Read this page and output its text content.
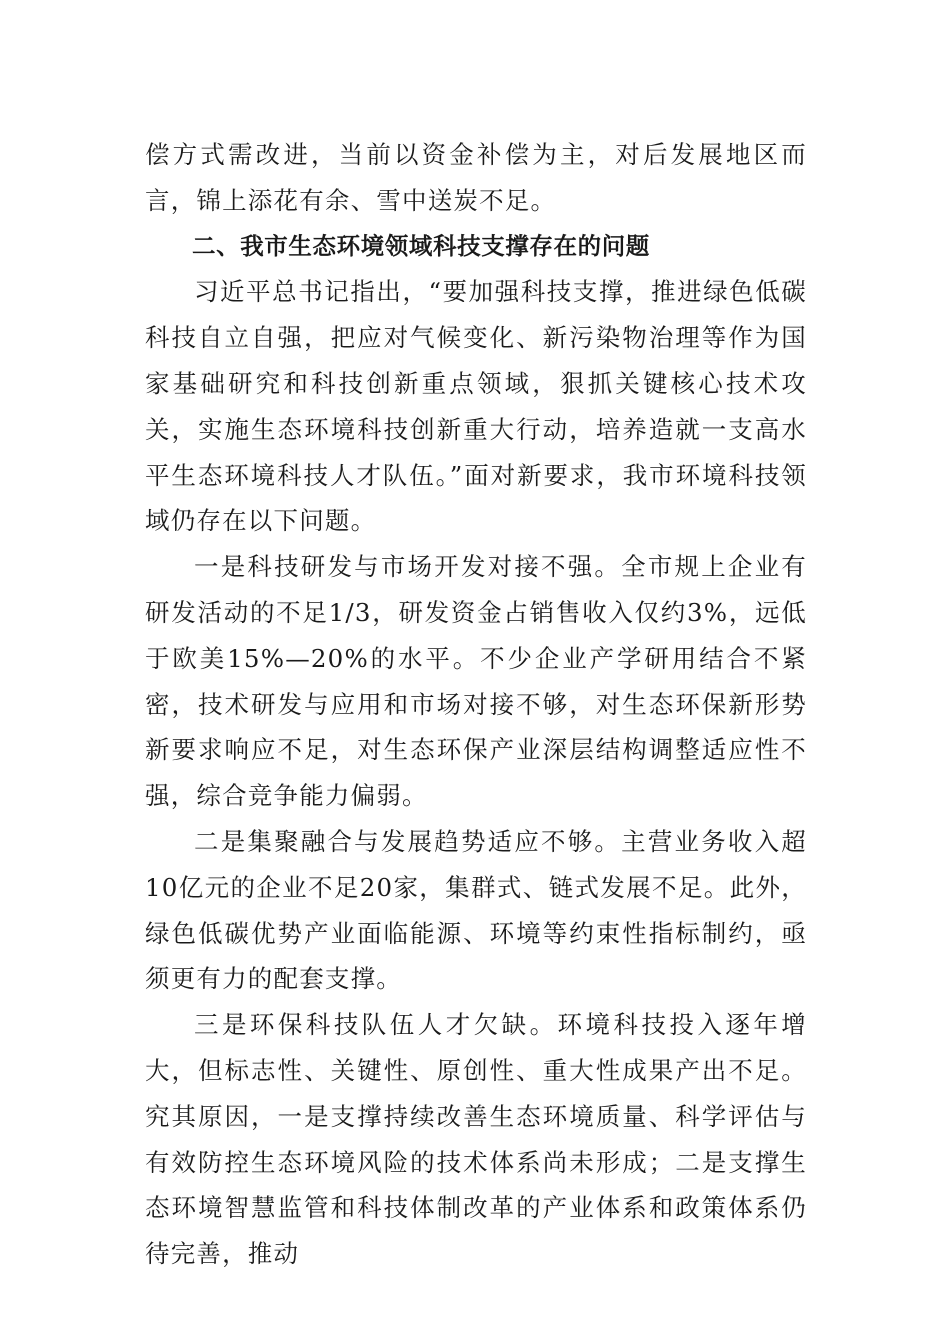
偿方式需改进，当前以资金补偿为主，对后发展地区而言，锦上添花有余、雪中送炭不足。

二、我市生态环境领域科技支撑存在的问题

习近平总书记指出，“要加强科技支撑，推进绿色低碳科技自立自强，把应对气候变化、新污染物治理等作为国家基础研究和科技创新重点领域，狠抓关键核心技术攻关，实施生态环境科技创新重大行动，培养造就一支高水平生态环境科技人才队伍。”面对新要求，我市环境科技领域仍存在以下问题。

一是科技研发与市场开发对接不强。全市规上企业有研发活动的不足1/3，研发资金占销售收入仅约3%，远低于欧美15%—20%的水平。不少企业产学研用结合不紧密，技术研发与应用和市场对接不够，对生态环保新形势新要求响应不足，对生态环保产业深层结构调整适应性不强，综合竞争能力偏弱。

二是集聚融合与发展趋势适应不够。主营业务收入超10亿元的企业不足20家，集群式、链式发展不足。此外，绿色低碳优势产业面临能源、环境等约束性指标制约，亟须更有力的配套支撑。

三是环保科技队伍人才欠缺。环境科技投入逐年增大，但标志性、关键性、原创性、重大性成果产出不足。究其原因，一是支撑持续改善生态环境质量、科学评估与有效防控生态环境风险的技术体系尚未形成；二是支撑生态环境智慧监管和科技体制改革的产业体系和政策体系仍待完善，推动
